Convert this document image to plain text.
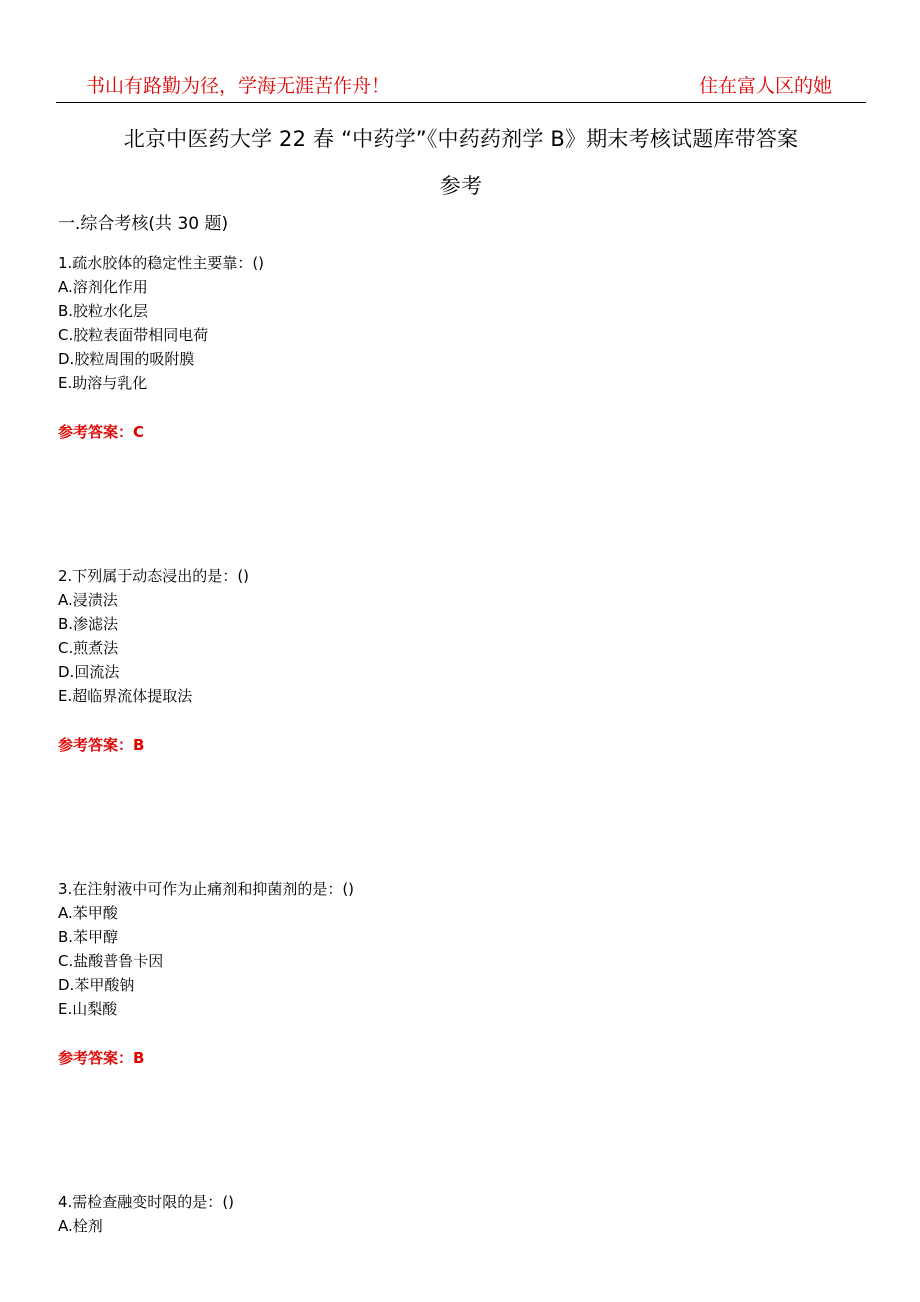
书山有路勤为径，学海无涯苦作舟！	住在富人区的她
北京中医药大学 22 春 “中药学”《中药药剂学 B》期末考核试题库带答案
参考
一.综合考核(共 30 题)
1.疏水胶体的稳定性主要靠：()
A.溶剂化作用
B.胶粒水化层
C.胶粒表面带相同电荷
D.胶粒周围的吸附膜
E.助溶与乳化
参考答案：C
2.下列属于动态浸出的是：()
A.浸渍法
B.渗滤法
C.煎煮法
D.回流法
E.超临界流体提取法
参考答案：B
3.在注射液中可作为止痛剂和抑菌剂的是：()
A.苯甲酸
B.苯甲醇
C.盐酸普鲁卡因
D.苯甲酸钠
E.山梨酸
参考答案：B
4.需检查融变时限的是：()
A.栓剂
